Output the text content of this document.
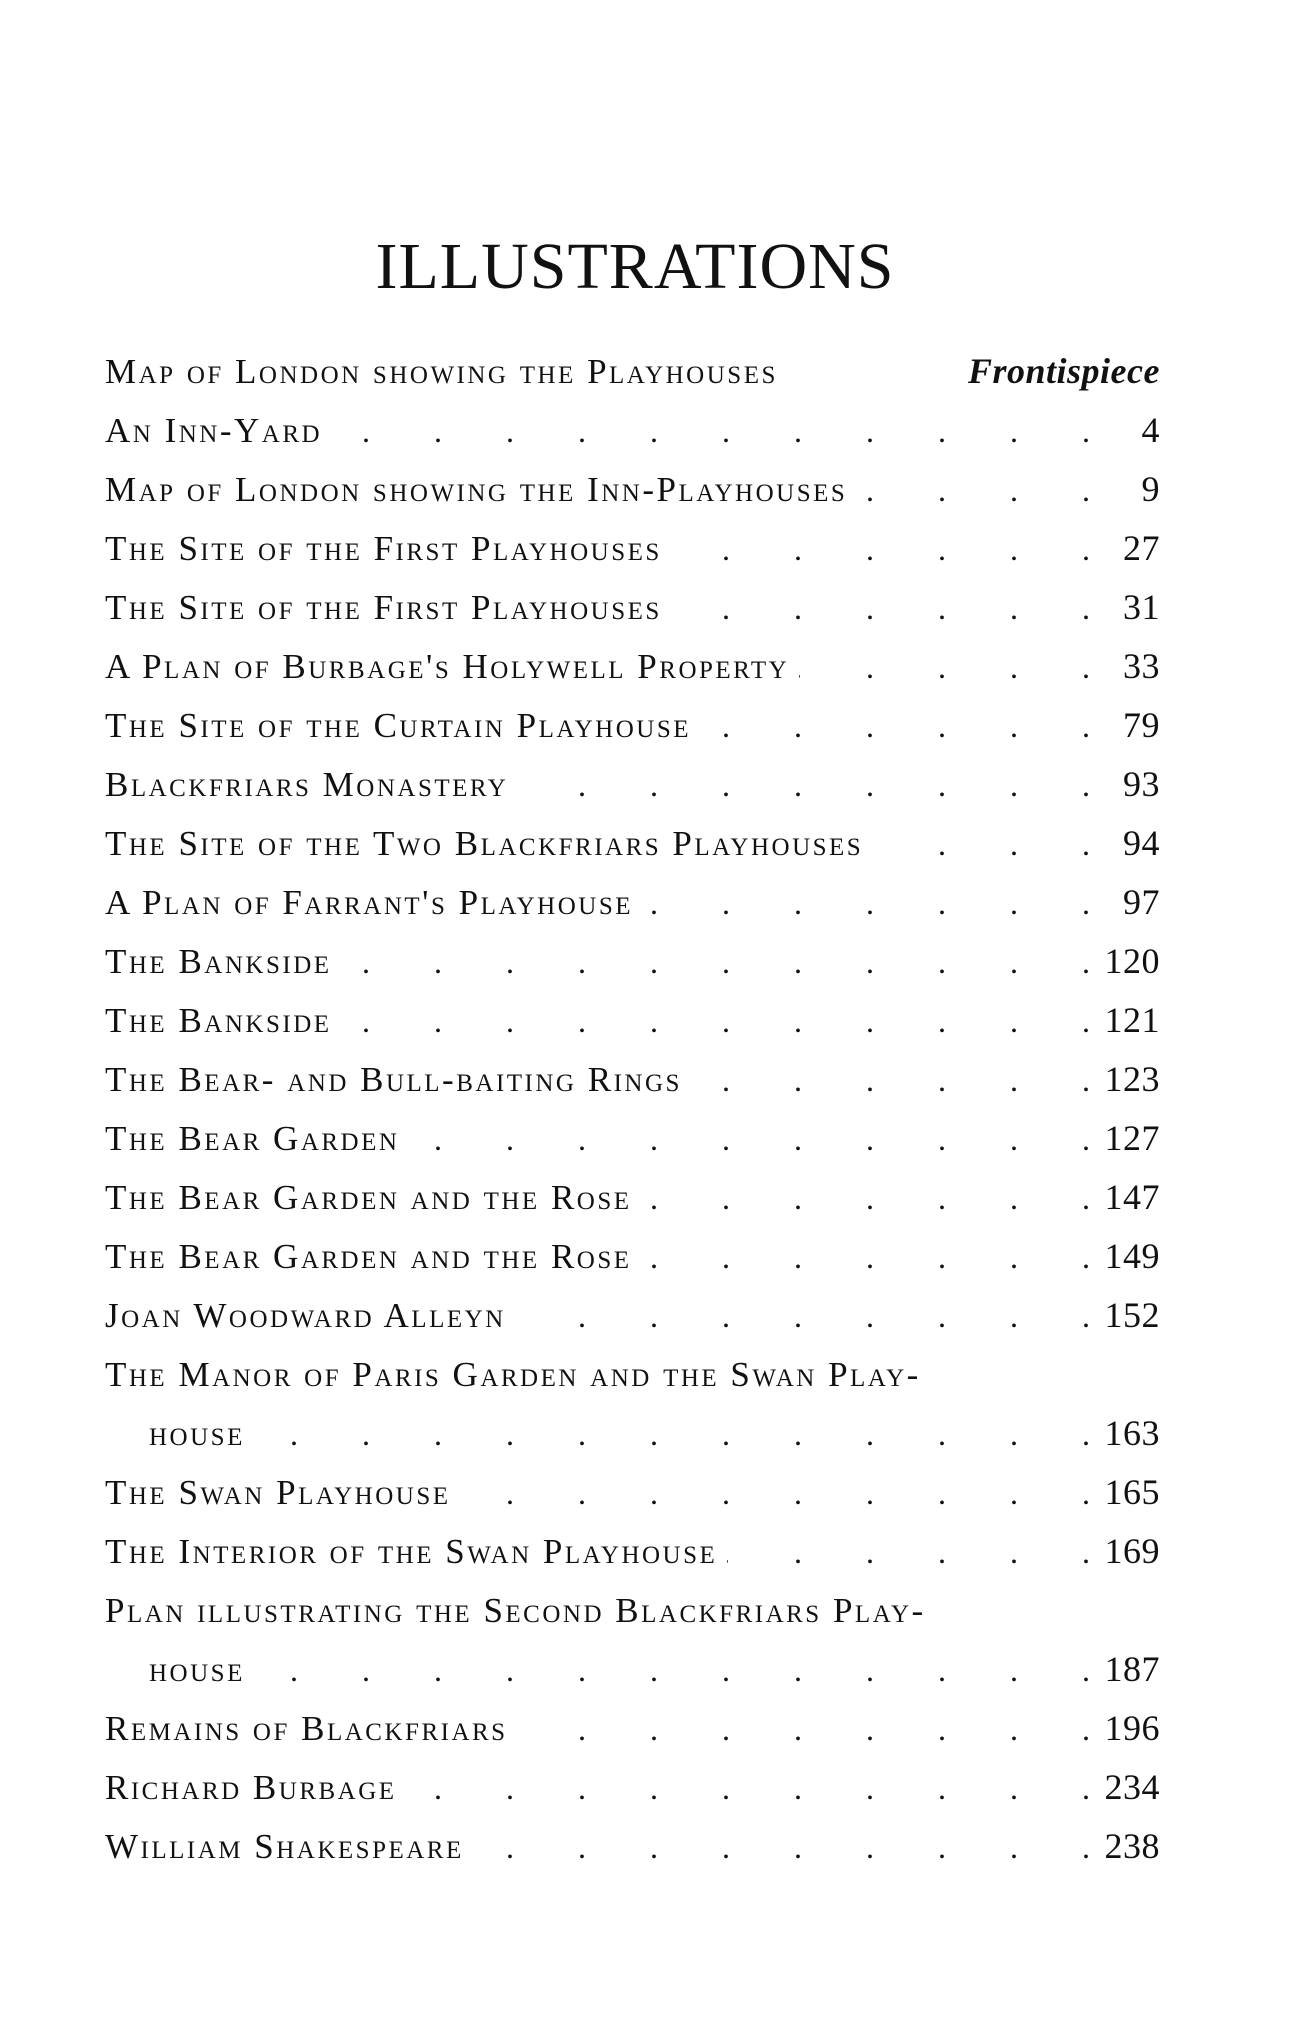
ILLUSTRATIONS
Map of London showing the Playhouses	Frontispiece
An Inn-Yard .	4
Map of London showing the Inn-Playhouses .	9
The Site of the First Playhouses .	27
The Site of the First Playhouses .	31
A Plan of Burbage's Holywell Property .	33
The Site of the Curtain Playhouse .	79
Blackfriars Monastery .	93
The Site of the Two Blackfriars Playhouses .	94
A Plan of Farrant's Playhouse .	97
The Bankside .	120
The Bankside .	121
The Bear- and Bull-baiting Rings .	123
The Bear Garden .	127
The Bear Garden and the Rose .	147
The Bear Garden and the Rose .	149
Joan Woodward Alleyn .	152
The Manor of Paris Garden and the Swan Play-
house .	163
The Swan Playhouse .	165
The Interior of the Swan Playhouse .	169
Plan illustrating the Second Blackfriars Play-
house .	187
Remains of Blackfriars .	196
Richard Burbage .	234
William Shakespeare .	238
